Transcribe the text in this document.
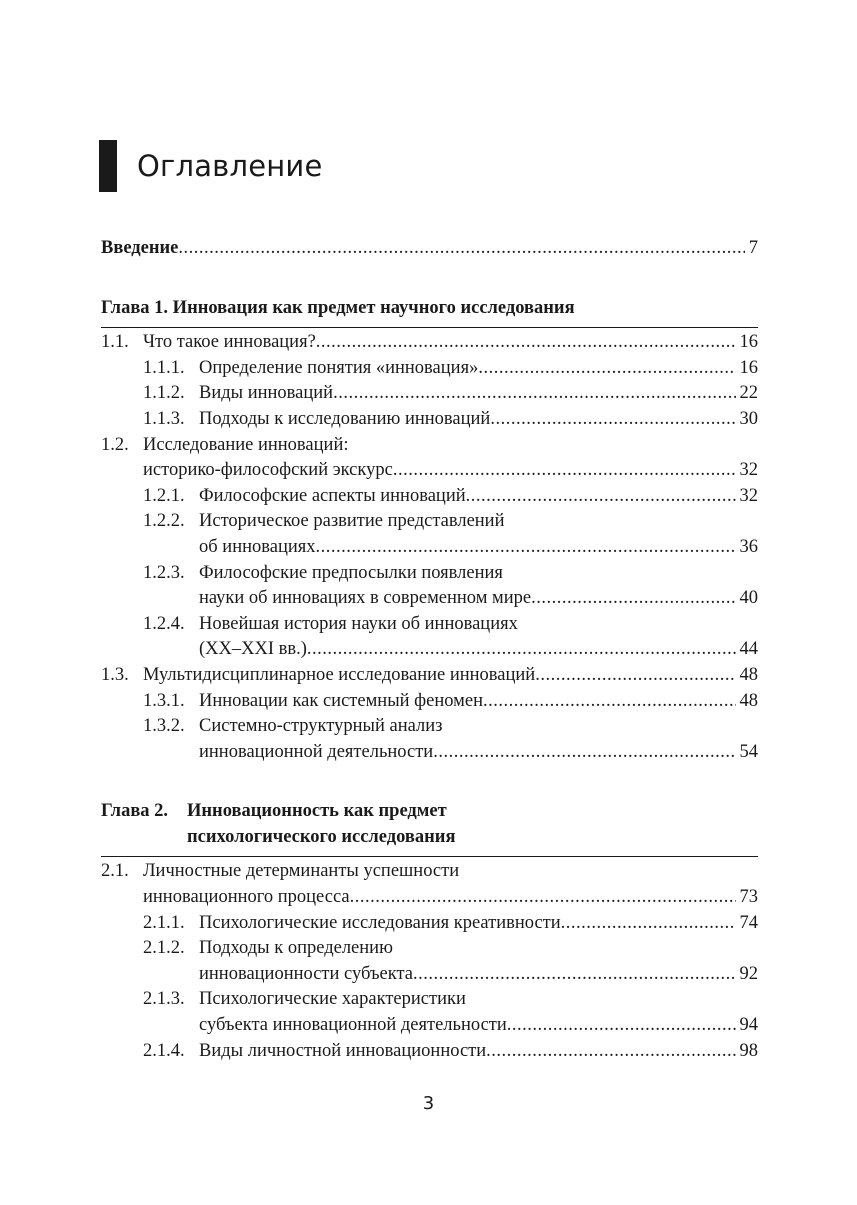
Оглавление
Введение .....	7
Глава 1. Инновация как предмет научного исследования
1.1. Что такое инновация? .....	16
1.1.1. Определение понятия «инновация» .....	16
1.1.2. Виды инноваций .....	22
1.1.3. Подходы к исследованию инноваций .....	30
1.2. Исследование инноваций:
историко-философский экскурс .....	32
1.2.1. Философские аспекты инноваций .....	32
1.2.2. Историческое развитие представлений
об инновациях .....	36
1.2.3. Философские предпосылки появления
науки об инновациях в современном мире .....	40
1.2.4. Новейшая история науки об инновациях
(XX–XXI вв.) .....	44
1.3. Мультидисциплинарное исследование инноваций .....	48
1.3.1. Инновации как системный феномен .....	48
1.3.2. Системно-структурный анализ
инновационной деятельности .....	54
Глава 2. Инновационность как предмет
психологического исследования
2.1. Личностные детерминанты успешности
инновационного процесса .....	73
2.1.1. Психологические исследования креативности .....	74
2.1.2. Подходы к определению
инновационности субъекта .....	92
2.1.3. Психологические характеристики
субъекта инновационной деятельности .....	94
2.1.4. Виды личностной инновационности .....	98
3
